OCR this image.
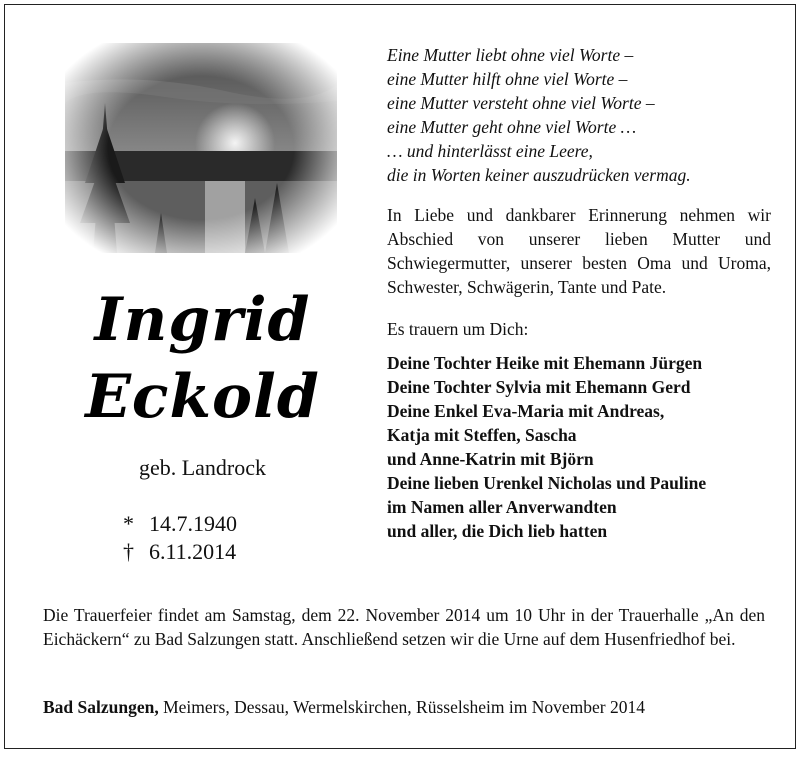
Ingrid
Eckold
geb. Landrock
* 14.7.1940
† 6.11.2014
Eine Mutter liebt ohne viel Worte –
eine Mutter hilft ohne viel Worte –
eine Mutter versteht ohne viel Worte –
eine Mutter geht ohne viel Worte …
… und hinterlässt eine Leere,
die in Worten keiner auszudrücken vermag.
In Liebe und dankbarer Erinnerung nehmen wir Abschied von unserer lieben Mutter und Schwiegermutter, unserer besten Oma und Uroma, Schwester, Schwägerin, Tante und Pate.
Es trauern um Dich:
Deine Tochter Heike mit Ehemann Jürgen
Deine Tochter Sylvia mit Ehemann Gerd
Deine Enkel Eva-Maria mit Andreas,
Katja mit Steffen, Sascha
und Anne-Katrin mit Björn
Deine lieben Urenkel Nicholas und Pauline
im Namen aller Anverwandten
und aller, die Dich lieb hatten
Die Trauerfeier findet am Samstag, dem 22. November 2014 um 10 Uhr in der Trauerhalle „An den Eichäckern“ zu Bad Salzungen statt. Anschließend setzen wir die Urne auf dem Husenfriedhof bei.
Bad Salzungen, Meimers, Dessau, Wermelskirchen, Rüsselsheim im November 2014
